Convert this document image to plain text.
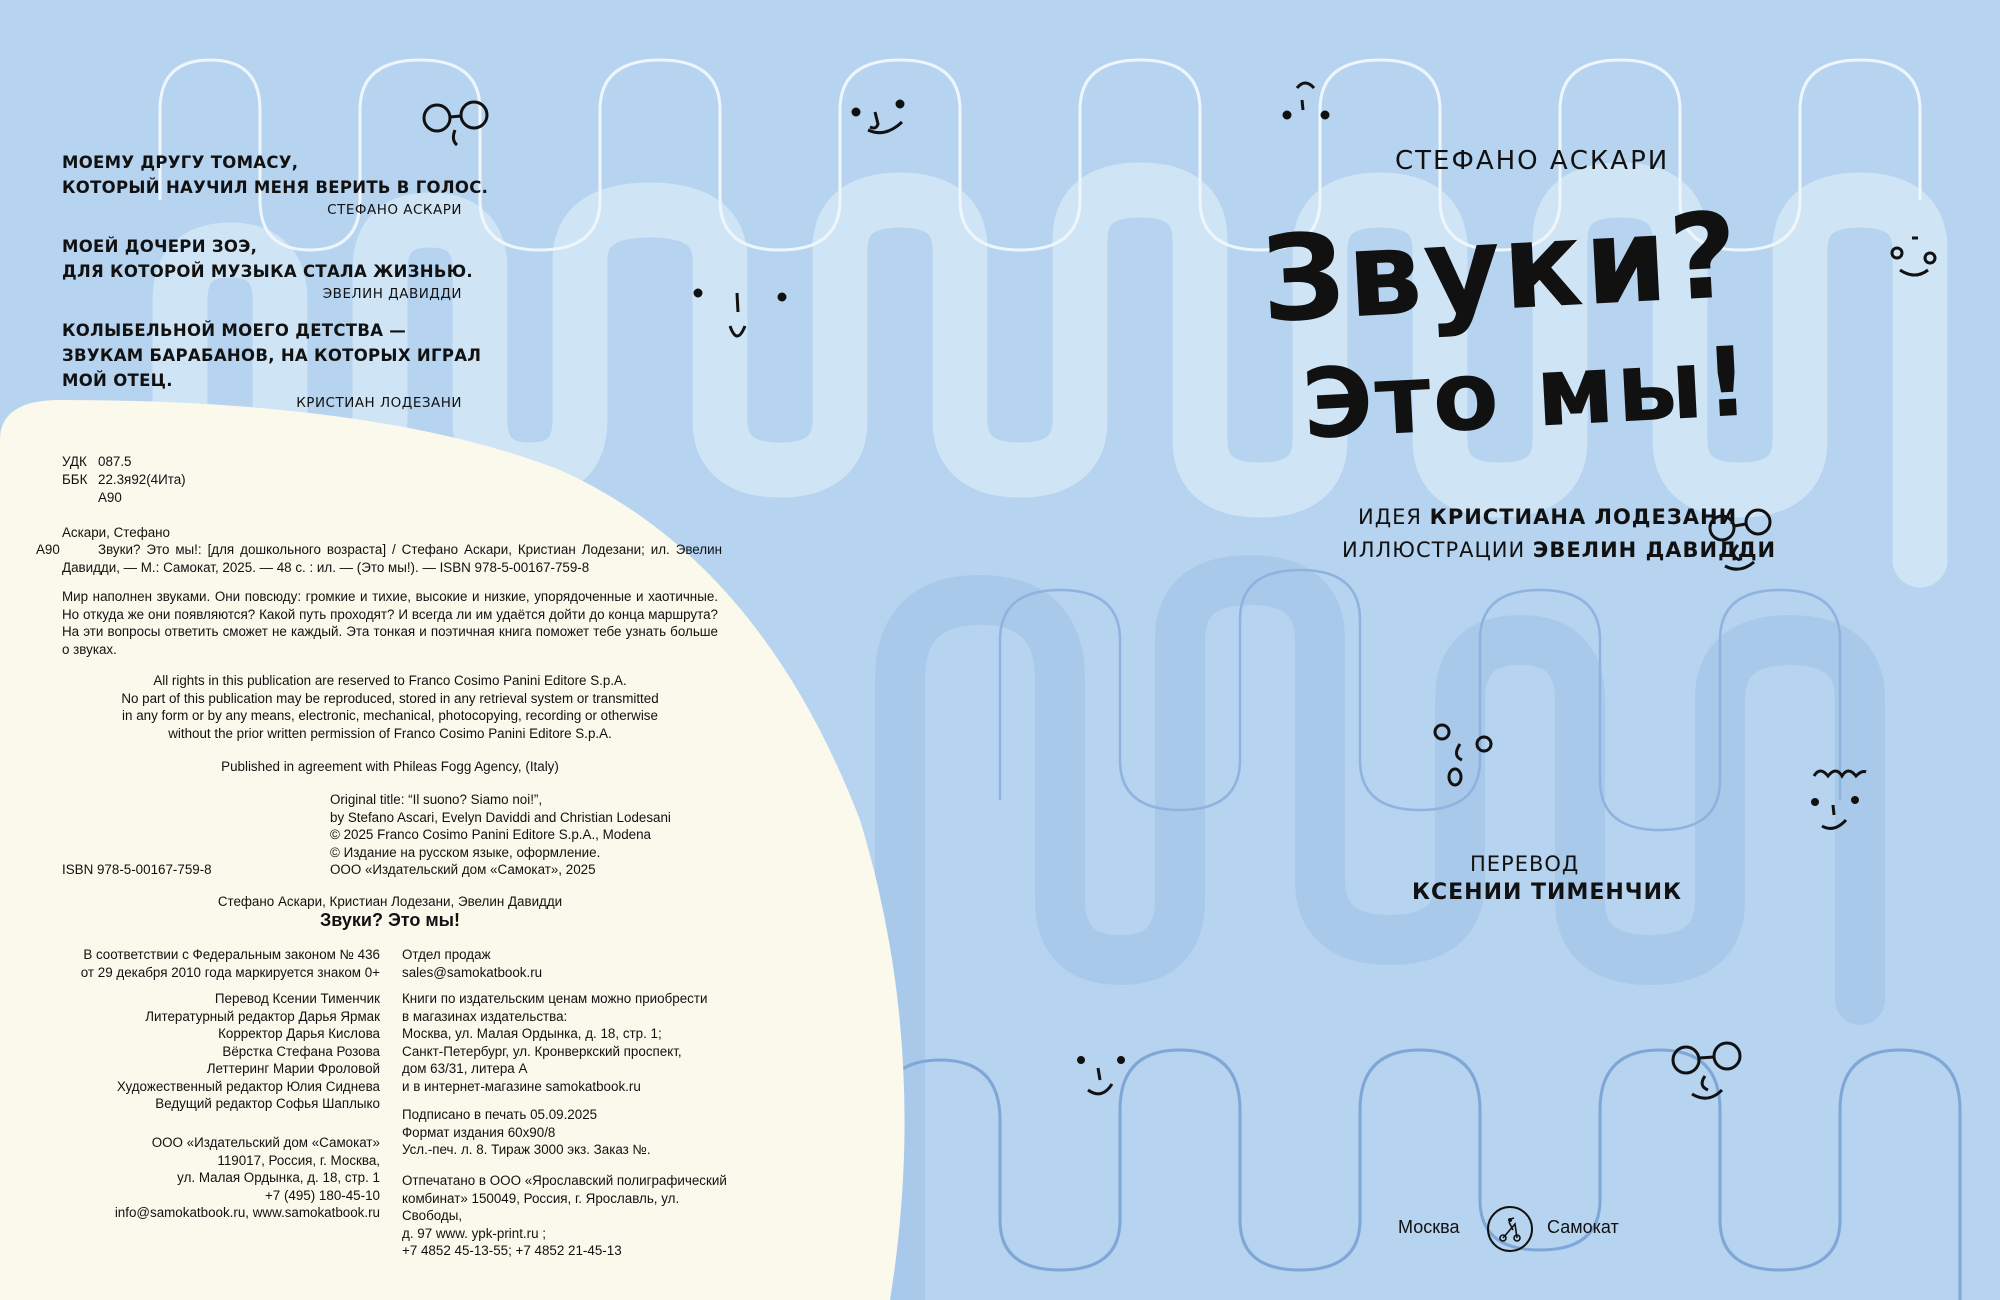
МОЕМУ ДРУГУ ТОМАСУ,
КОТОРЫЙ НАУЧИЛ МЕНЯ ВЕРИТЬ В ГОЛОС.
СТЕФАНО АСКАРИ
МОЕЙ ДОЧЕРИ ЗОЭ,
ДЛЯ КОТОРОЙ МУЗЫКА СТАЛА ЖИЗНЬЮ.
ЭВЕЛИН ДАВИДДИ
КОЛЫБЕЛЬНОЙ МОЕГО ДЕТСТВА —
ЗВУКАМ БАРАБАНОВ, НА КОТОРЫХ ИГРАЛ МОЙ ОТЕЦ.
КРИСТИАН ЛОДЕЗАНИ
УДК 087.5
ББК 22.3я92(4Ита)
А90
Аскари, Стефано
А90	Звуки? Это мы!: [для дошкольного возраста] / Стефано Аскари, Кристиан Лодезани; ил. Эвелин Давидди, — М.: Самокат, 2025. — 48 с. : ил. — (Это мы!). — ISBN 978-5-00167-759-8
Мир наполнен звуками. Они повсюду: громкие и тихие, высокие и низкие, упорядоченные и хаотичные. Но откуда же они появляются? Какой путь проходят? И всегда ли им удаётся дойти до конца маршрута? На эти вопросы ответить сможет не каждый. Эта тонкая и поэтичная книга поможет тебе узнать больше о звуках.
All rights in this publication are reserved to Franco Cosimo Panini Editore S.p.A.
No part of this publication may be reproduced, stored in any retrieval system or transmitted
in any form or by any means, electronic, mechanical, photocopying, recording or otherwise
without the prior written permission of Franco Cosimo Panini Editore S.p.A.
Published in agreement with Phileas Fogg Agency, (Italy)
Original title: “Il suono? Siamo noi!”,
by Stefano Ascari, Evelyn Daviddi and Christian Lodesani
© 2025 Franco Cosimo Panini Editore S.p.A., Modena
© Издание на русском языке, оформление.
ISBN 978-5-00167-759-8	ООО «Издательский дом «Самокат», 2025
Стефано Аскари, Кристиан Лодезани, Эвелин Давидди
Звуки? Это мы!
В соответствии с Федеральным законом № 436
от 29 декабря 2010 года маркируется знаком 0+
Перевод Ксении Тименчик
Литературный редактор Дарья Ярмак
Корректор Дарья Кислова
Вёрстка Стефана Розова
Леттеринг Марии Фроловой
Художественный редактор Юлия Сиднева
Ведущий редактор Софья Шаплыко
ООО «Издательский дом «Самокат»
119017, Россия, г. Москва,
ул. Малая Ордынка, д. 18, стр. 1
+7 (495) 180-45-10
info@samokatbook.ru, www.samokatbook.ru
Отдел продаж
sales@samokatbook.ru
Книги по издательским ценам можно приобрести
в магазинах издательства:
Москва, ул. Малая Ордынка, д. 18, стр. 1;
Санкт-Петербург, ул. Кронверкский проспект,
дом 63/31, литера А
и в интернет-магазине samokatbook.ru
Подписано в печать 05.09.2025
Формат издания 60x90/8
Усл.-печ. л. 8. Тираж 3000 экз. Заказ №.
Отпечатано в ООО «Ярославский полиграфический
комбинат» 150049, Россия, г. Ярославль, ул. Свободы,
д. 97 www. ypk-print.ru ;
+7 4852 45-13-55; +7 4852 21-45-13
СТЕФАНО АСКАРИ
Звуки?
Это мы!
ИДЕЯ КРИСТИАНА ЛОДЕЗАНИ
ИЛЛЮСТРАЦИИ ЭВЕЛИН ДАВИДДИ
ПЕРЕВОД
КСЕНИИ ТИМЕНЧИК
Москва	Самокат
